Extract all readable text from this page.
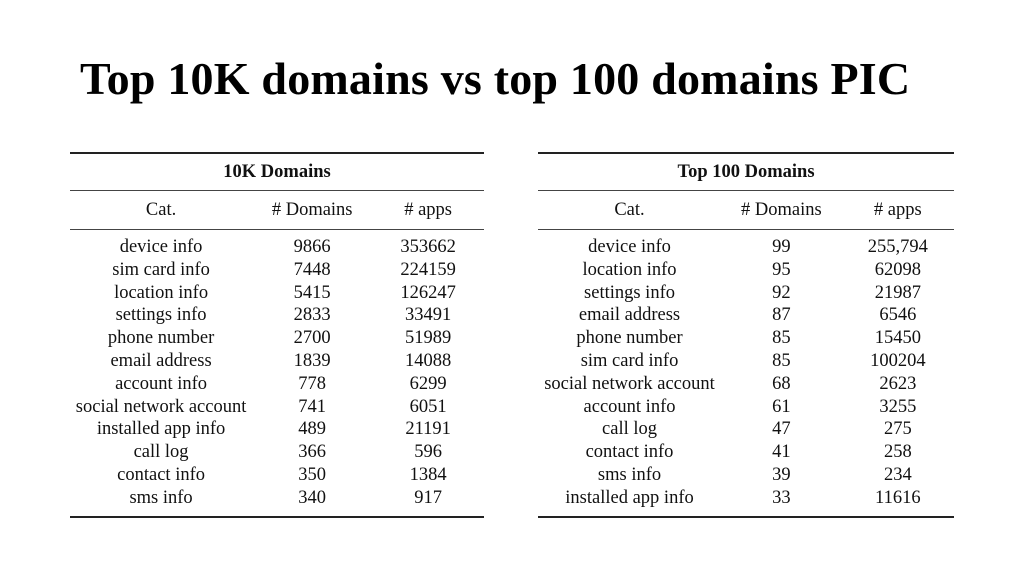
Top 10K domains vs top 100 domains PIC
10K Domains		
Cat.	# Domains	# apps
device info	9866	353662
sim card info	7448	224159
location info	5415	126247
settings info	2833	33491
phone number	2700	51989
email address	1839	14088
account info	778	6299
social network account	741	6051
installed app info	489	21191
call log	366	596
contact info	350	1384
sms info	340	917
Top 100 Domains		
Cat.	# Domains	# apps
device info	99	255,794
location info	95	62098
settings info	92	21987
email address	87	6546
phone number	85	15450
sim card info	85	100204
social network account	68	2623
account info	61	3255
call log	47	275
contact info	41	258
sms info	39	234
installed app info	33	11616
